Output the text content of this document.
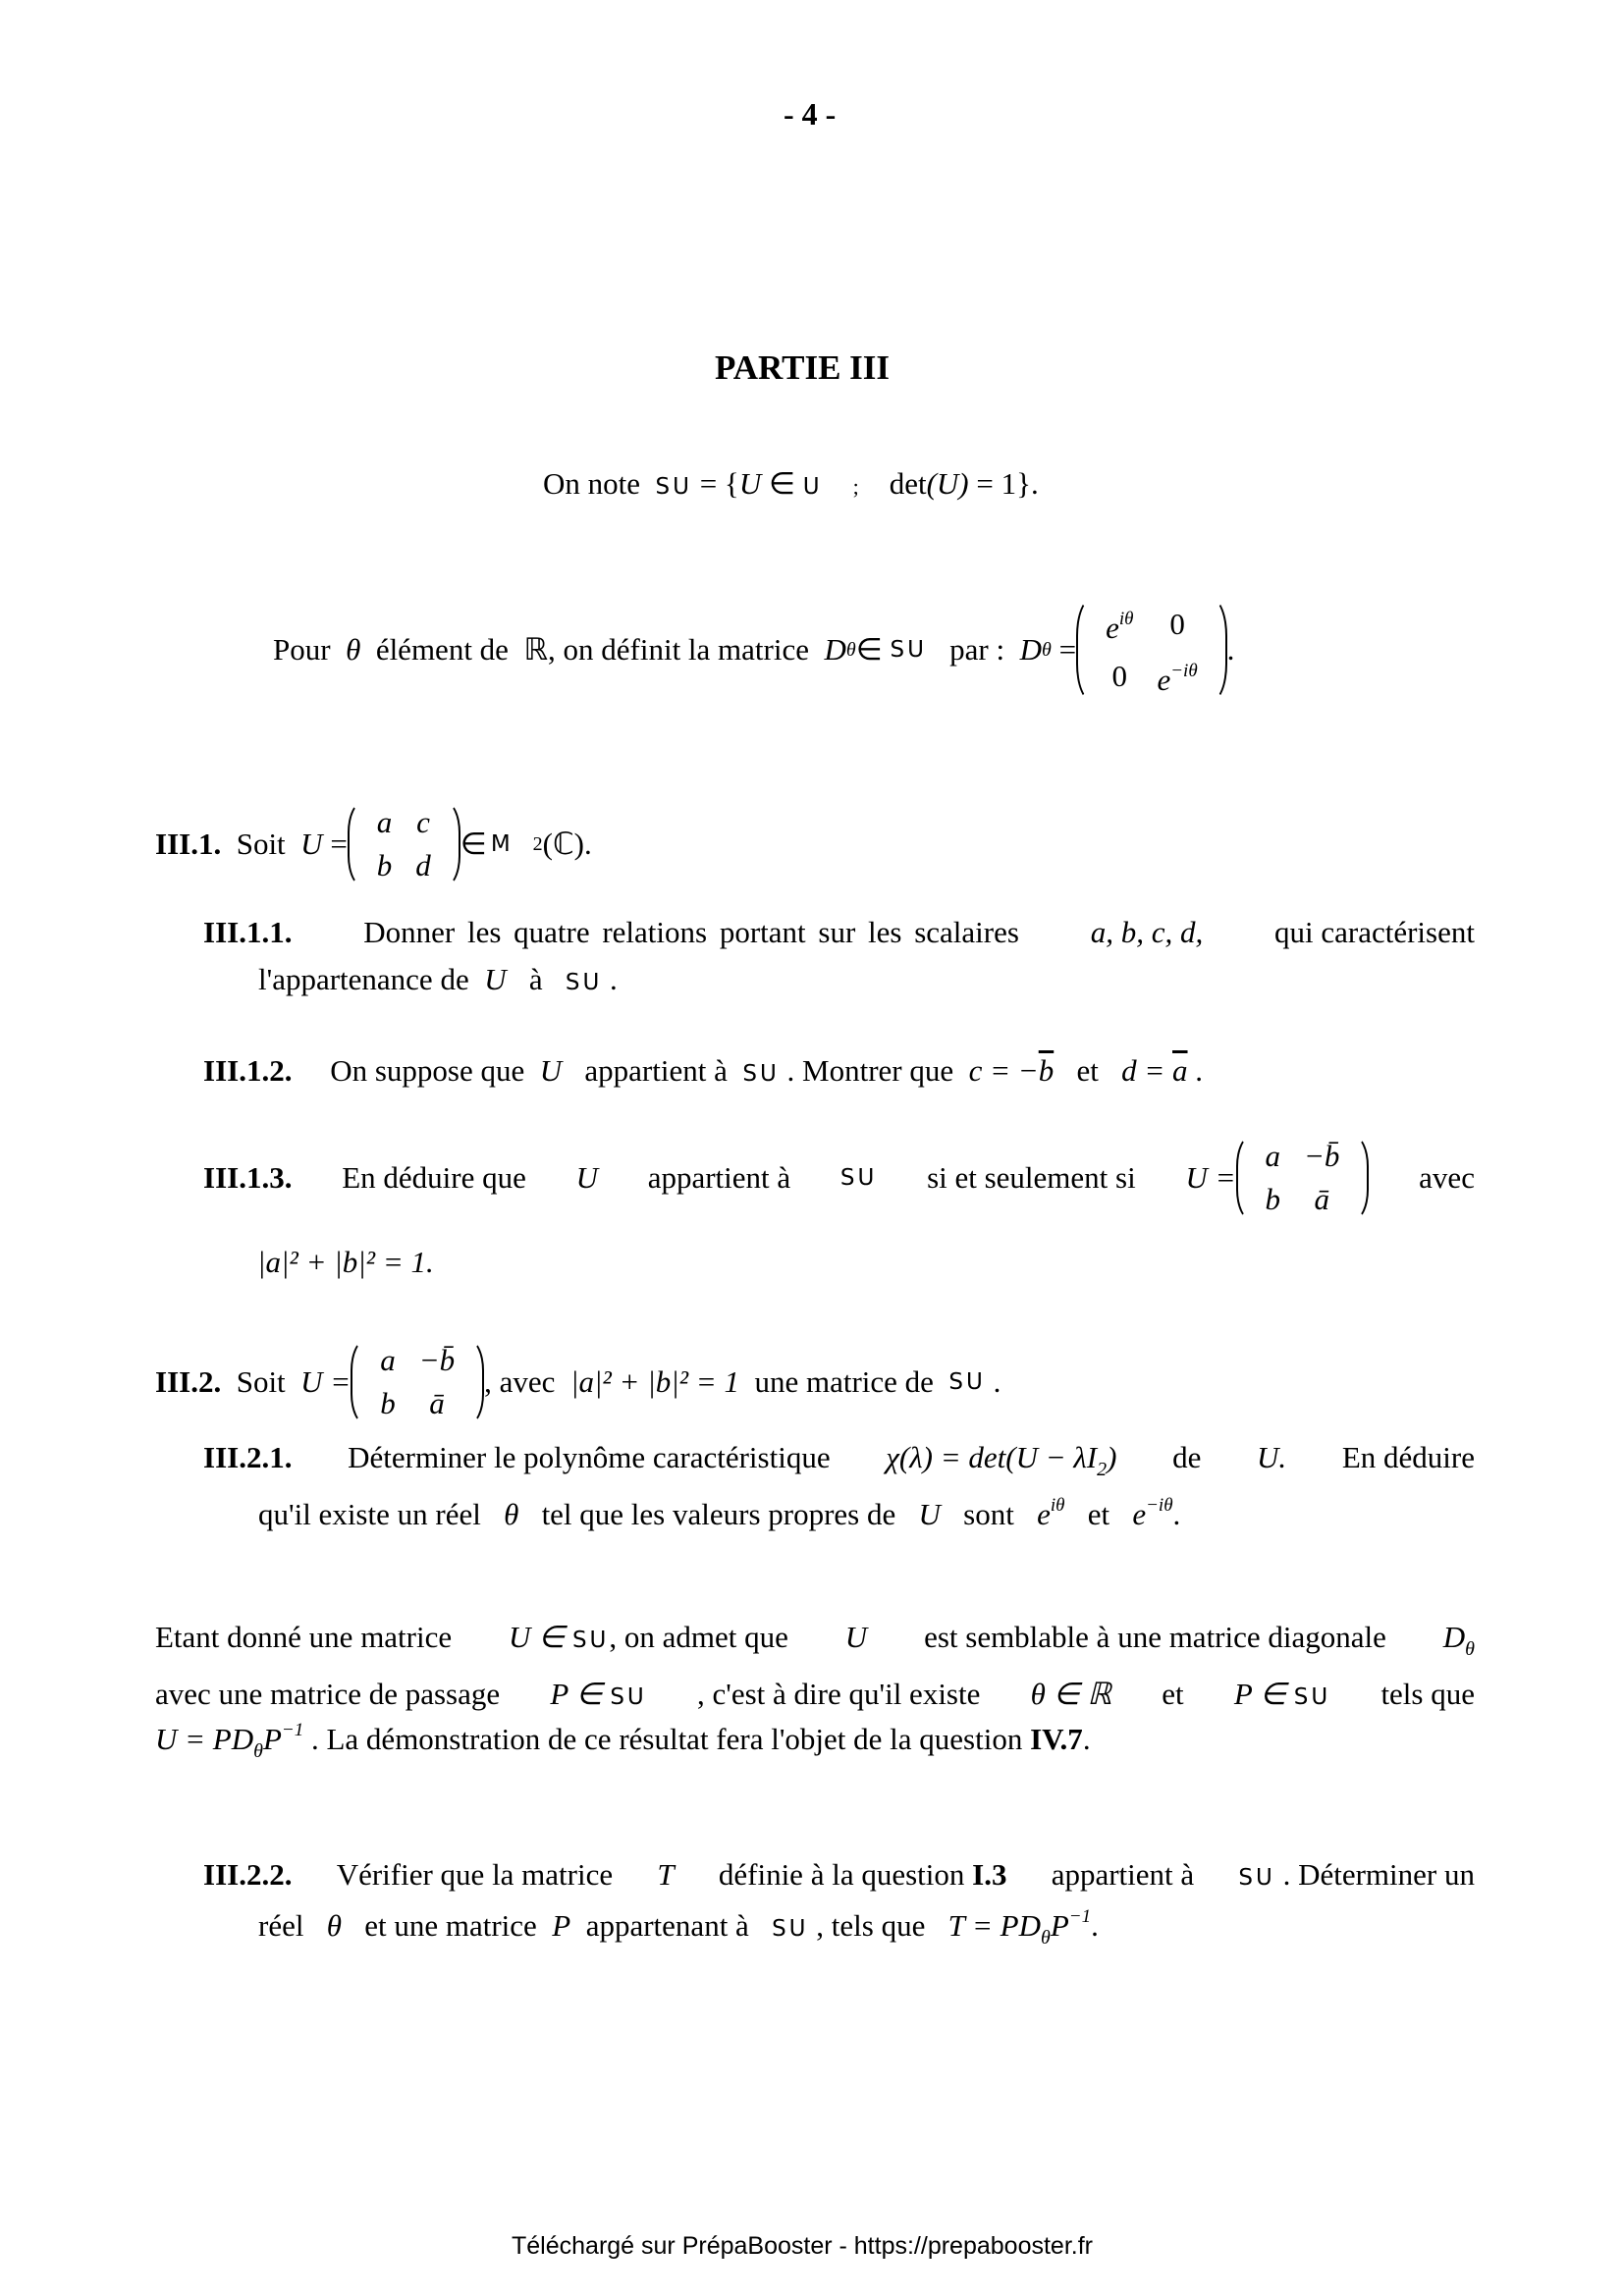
- 4 -
PARTIE III
On note SU = {U ∈ U ; det(U) = 1}.
Pour
θ
élément de
ℝ , on définit la matrice
D θ ∈
SU
par :
D θ
=
$e^{i\theta}$	0
0	$e^{-i\theta}$
.
III.1.
Soit
U
=
a	c
b	d
∈ M 2 (ℂ).
III.1.1. Donner les quatre relations portant sur les scalaires a, b, c, d, qui caractérisent
l'appartenance de U à SU .
III.1.2. On suppose que U appartient à SU . Montrer que $c = -\overline{b}$ et $d = \overline{a}$ .
III.1.3. En déduire que U appartient à SU si et seulement si U =
a	−b̄
b	ā
avec
|a|² + |b|² = 1.
III.2.
Soit
U =
a	−b̄
b	ā
, avec
|a|² + |b|² = 1
une matrice de
SU
.
III.2.1. Déterminer le polynôme caractéristique $\chi(\lambda) = \det(U - \lambda I_2)$ de U. En déduire
qu'il existe un réel θ tel que les valeurs propres de U sont $e^{i\theta}$ et $e^{-i\theta}$.
Etant donné une matrice U ∈ SU, on admet que U est semblable à une matrice diagonale $D_\theta$
avec une matrice de passage P ∈ SU , c'est à dire qu'il existe θ ∈ ℝ et P ∈ SU tels que
$U = PD_\theta P^{-1}$ . La démonstration de ce résultat fera l'objet de la question IV.7.
III.2.2. Vérifier que la matrice T définie à la question I.3 appartient à SU . Déterminer un
réel θ et une matrice P appartenant à SU , tels que $T = PD_\theta P^{-1}$.
Téléchargé sur PrépaBooster - https://prepabooster.fr
